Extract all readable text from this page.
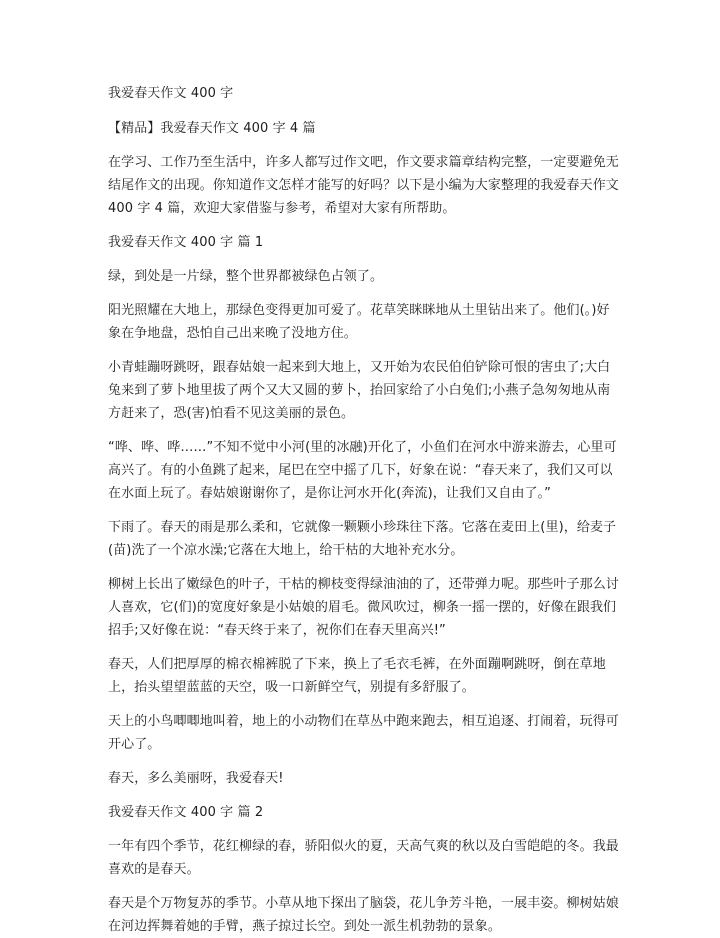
我爱春天作文 400 字

【精品】我爱春天作文 400 字 4 篇

在学习、工作乃至生活中，许多人都写过作文吧，作文要求篇章结构完整，一定要避免无结尾作文的出现。你知道作文怎样才能写的好吗？以下是小编为大家整理的我爱春天作文 400 字 4 篇，欢迎大家借鉴与参考，希望对大家有所帮助。

我爱春天作文 400 字 篇 1

绿，到处是一片绿，整个世界都被绿色占领了。

阳光照耀在大地上，那绿色变得更加可爱了。花草笑眯眯地从土里钻出来了。他们(。)好象在争地盘，恐怕自己出来晚了没地方住。

小青蛙蹦呀跳呀，跟春姑娘一起来到大地上，又开始为农民伯伯铲除可恨的害虫了;大白兔来到了萝卜地里拔了两个又大又圆的萝卜，抬回家给了小白兔们;小燕子急匆匆地从南方赶来了，恐(害)怕看不见这美丽的景色。

“哗、哗、哗……”不知不觉中小河(里的冰融)开化了，小鱼们在河水中游来游去，心里可高兴了。有的小鱼跳了起来，尾巴在空中摇了几下，好象在说：“春天来了，我们又可以在水面上玩了。春姑娘谢谢你了，是你让河水开化(奔流)，让我们又自由了。”

下雨了。春天的雨是那么柔和，它就像一颗颗小珍珠往下落。它落在麦田上(里)，给麦子(苗)洗了一个凉水澡;它落在大地上，给干枯的大地补充水分。

柳树上长出了嫩绿色的叶子，干枯的柳枝变得绿油油的了，还带弹力呢。那些叶子那么讨人喜欢，它(们)的宽度好象是小姑娘的眉毛。微风吹过，柳条一摇一摆的，好像在跟我们招手;又好像在说：“春天终于来了，祝你们在春天里高兴!”

春天，人们把厚厚的棉衣棉裤脱了下来，换上了毛衣毛裤，在外面蹦啊跳呀，倒在草地上，抬头望望蓝蓝的天空，吸一口新鲜空气，别提有多舒服了。

天上的小鸟唧唧地叫着，地上的小动物们在草丛中跑来跑去，相互追逐、打闹着，玩得可开心了。

春天，多么美丽呀，我爱春天!

我爱春天作文 400 字 篇 2

一年有四个季节，花红柳绿的春，骄阳似火的夏，天高气爽的秋以及白雪皑皑的冬。我最喜欢的是春天。

春天是个万物复苏的季节。小草从地下探出了脑袋，花儿争芳斗艳，一展丰姿。柳树姑娘在河边挥舞着她的手臂，燕子掠过长空。到处一派生机勃勃的景象。
